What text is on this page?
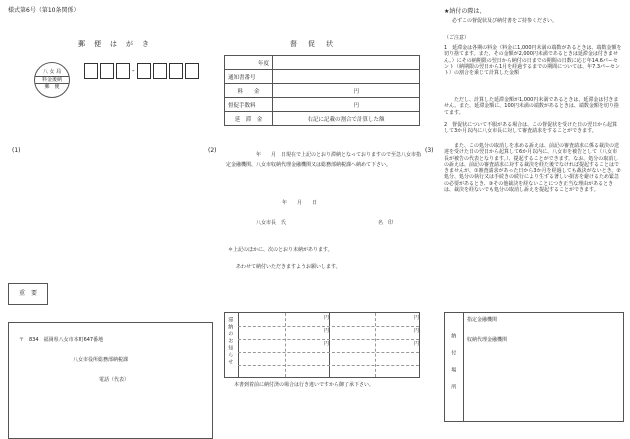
様式第6号（第10条関係）
郵　便　は　が　き
八 女 局
料金後納
郵　便
-
(1)
重　要
〒　834　 福岡県八女市本町647番地
八女市役所総務部納税課
電話（代表）
督　促　状
年度	
通知書番号	
料　　金	円
督促手数料	円
延　滞　金	右記に記載の割合で計算した額
(2)
年　　月　日現在で上記のとおり滞納となっておりますので至急八女市指定金融機関、八女市収納代理金融機関又は総務部納税課へ納めて下さい。
年　　月　　日
八女市長　氏	名　印
＊上記のほかに、次のとおり未納があります。
あわせて納付いただきますようお願いします。
滞納のお知らせ	円	円
円	円
円	円
本書到着前に納付済の場合は行き違いですから御了承下さい。
(3)
★納付の際は、
必ずこの督促状及び納付書をご持参ください。
（ご注意）
1　延滞金は各期の料金（料金に1,000円未満の端数があるときは、端数金額を切り捨てます。また、その金額が2,000円未満であるときは延滞金は付きません。）にその納期限の翌日から納付の日までの期間の日数に応じ年14.6パーセント（納期限の翌日から1月を経過するまでの期間については、年7.3パーセント）の割合を乗じて計算した金額
ただし、計算した延滞金額が1,000円未満であるときは、延滞金は付きません。また、延滞金額に、100円未満の端数があるときは、端数金額を切り捨てます。
2　督促状について不服がある場合は、この督促状を受けた日の翌日から起算して3か月以内に八女市長に対して審査請求をすることができます。
また、この処分の取消しを求める訴えは、前記の審査請求に係る裁決の送達を受けた日の翌日から起算して6か月以内に、八女市を被告として（八女市長が被告の代表となります。）、提起することができます。なお、処分の取消しの訴えは、前記の審査請求に対する裁決を経た後でなければ提起することはできませんが、①審査請求があった日から3か月を経過しても裁決がないとき、②処分、処分の執行又は手続きの続行により生ずる著しい損害を避けるため緊急の必要があるとき、③その他裁決を経ないことにつき正当な理由があるときは、裁決を経ないでも処分の取消し訴えを提起することができます。
納付場所
指定金融機関
収納代理金融機関
